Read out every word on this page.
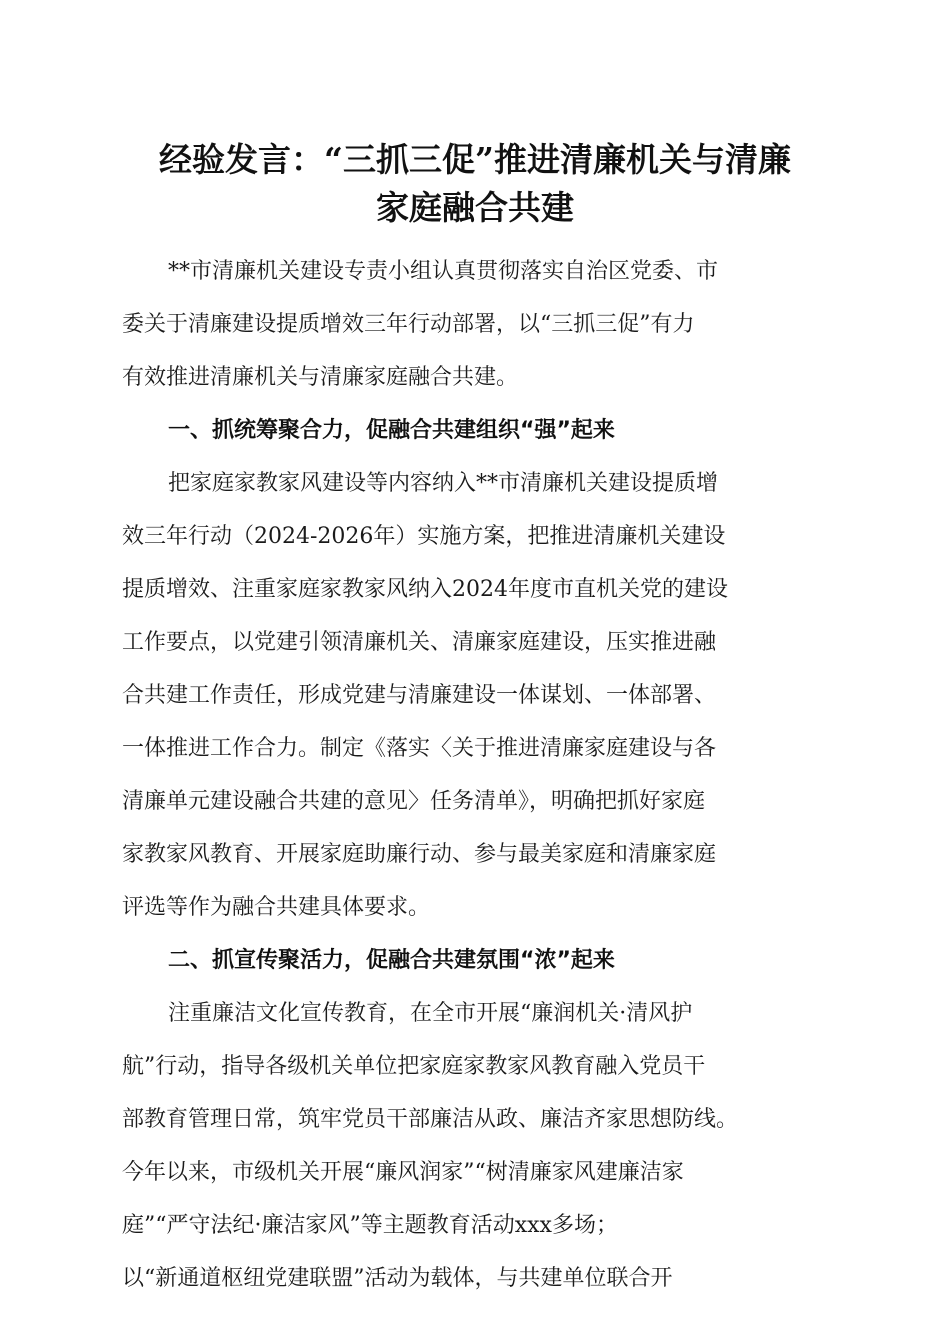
经验发言：“三抓三促”推进清廉机关与清廉
家庭融合共建

**市清廉机关建设专责小组认真贯彻落实自治区党委、市

委关于清廉建设提质增效三年行动部署，以“三抓三促”有力

有效推进清廉机关与清廉家庭融合共建。

一、抓统筹聚合力，促融合共建组织“强”起来

把家庭家教家风建设等内容纳入**市清廉机关建设提质增

效三年行动（2024-2026年）实施方案，把推进清廉机关建设

提质增效、注重家庭家教家风纳入2024年度市直机关党的建设

工作要点，以党建引领清廉机关、清廉家庭建设，压实推进融

合共建工作责任，形成党建与清廉建设一体谋划、一体部署、

一体推进工作合力。制定《落实〈关于推进清廉家庭建设与各

清廉单元建设融合共建的意见〉任务清单》，明确把抓好家庭

家教家风教育、开展家庭助廉行动、参与最美家庭和清廉家庭

评选等作为融合共建具体要求。

二、抓宣传聚活力，促融合共建氛围“浓”起来

注重廉洁文化宣传教育，在全市开展“廉润机关·清风护

航”行动，指导各级机关单位把家庭家教家风教育融入党员干

部教育管理日常，筑牢党员干部廉洁从政、廉洁齐家思想防线。

今年以来，市级机关开展“廉风润家”“树清廉家风建廉洁家

庭”“严守法纪·廉洁家风”等主题教育活动xxx多场；

以“新通道枢纽党建联盟”活动为载体，与共建单位联合开
